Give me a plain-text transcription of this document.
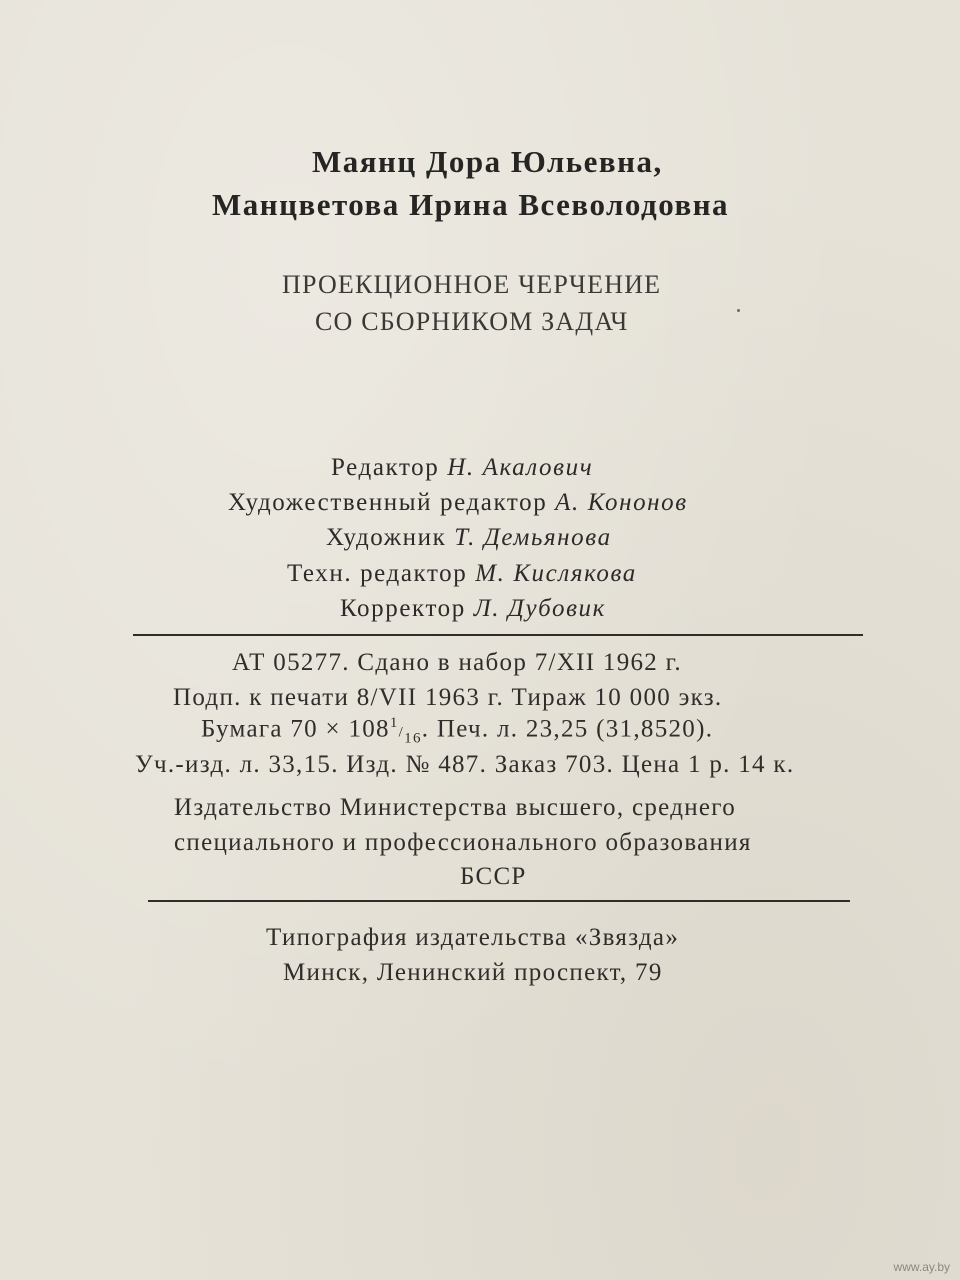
Маянц Дора Юльевна,
Манцветова Ирина Всеволодовна
ПРОЕКЦИОННОЕ ЧЕРЧЕНИЕ
СО СБОРНИКОМ ЗАДАЧ
Редактор Н. Акалович
Художественный редактор А. Кононов
Художник Т. Демьянова
Техн. редактор М. Кислякова
Корректор Л. Дубовик
АТ 05277. Сдано в набор 7/XII 1962 г.
Подп. к печати 8/VII 1963 г. Тираж 10 000 экз.
Бумага $70 \times 108^1/_{16}$. Печ. л. 23,25 (31,8520).
Уч.-изд. л. 33,15. Изд. № 487. Заказ 703. Цена 1 р. 14 к.
Издательство Министерства высшего, среднего
специального и профессионального образования
БССР
Типография издательства «Звязда»
Минск, Ленинский проспект, 79
www.ay.by
